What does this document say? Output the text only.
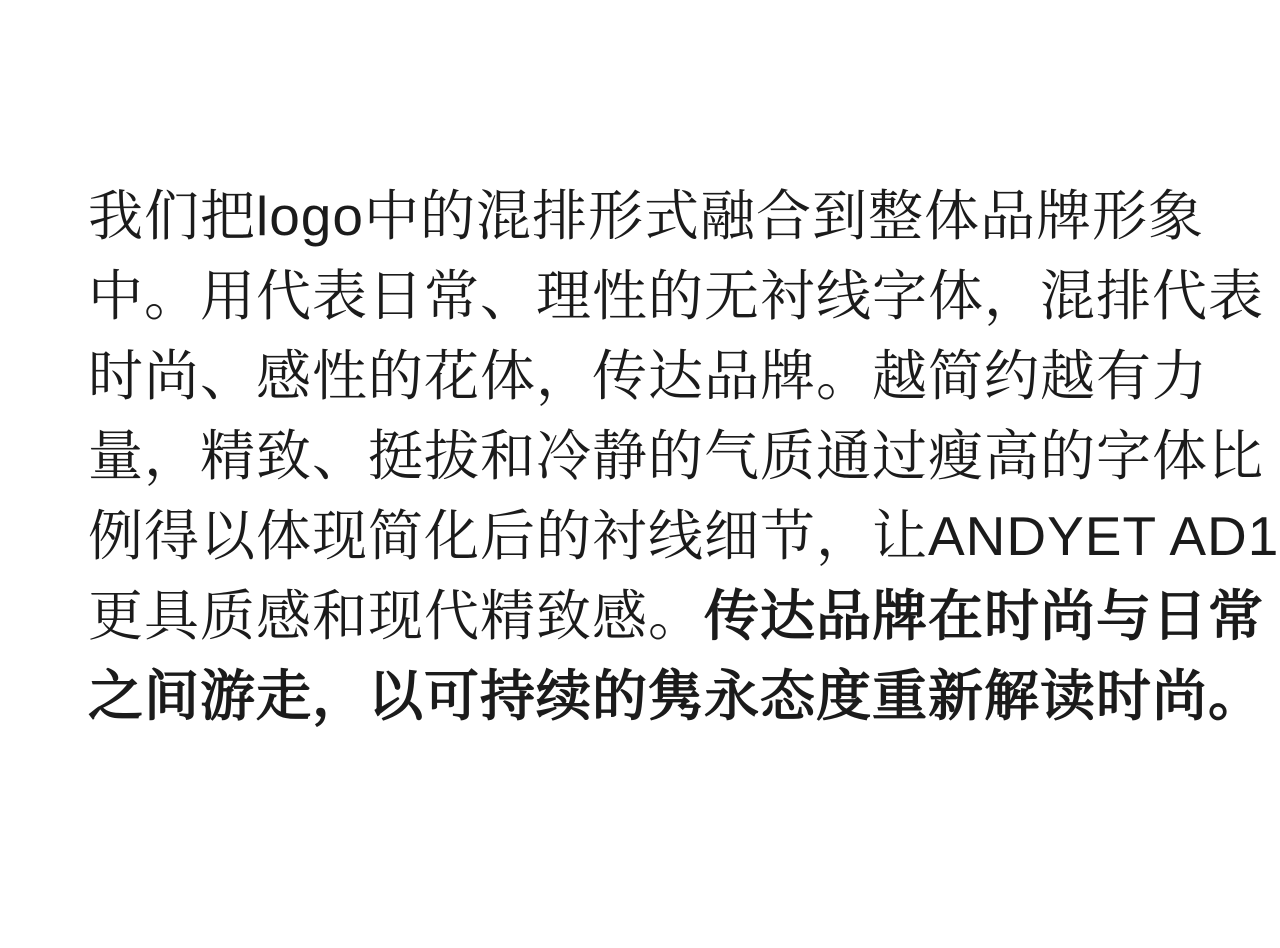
我们把logo中的混排形式融合到整体品牌形象
中。用代表日常、理性的无衬线字体，混排代表
时尚、感性的花体，传达品牌。越简约越有力
量，精致、挺拔和冷静的气质通过瘦高的字体比
例得以体现简化后的衬线细节，让ANDYET AD1
更具质感和现代精致感。传达品牌在时尚与日常
之间游走，以可持续的隽永态度重新解读时尚。
